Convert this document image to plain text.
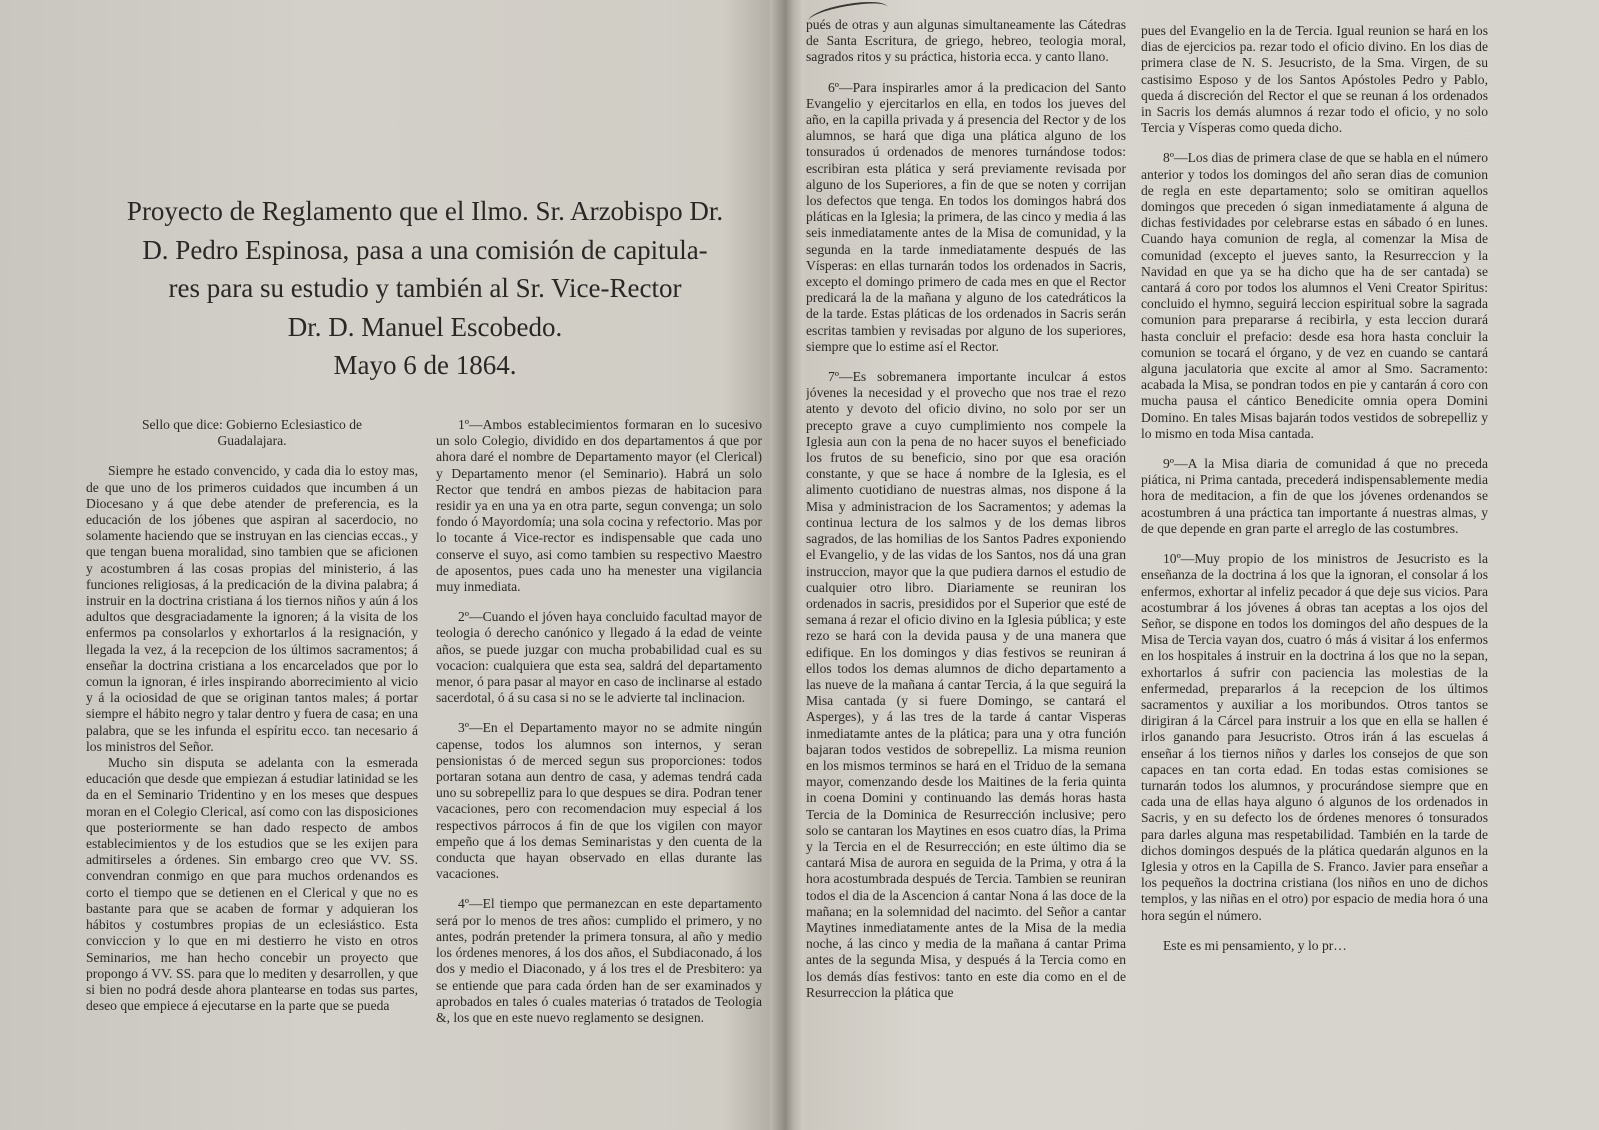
Proyecto de Reglamento que el Ilmo. Sr. Arzobispo Dr.
D. Pedro Espinosa, pasa a una comisión de capitula-
res para su estudio y también al Sr. Vice-Rector
Dr. D. Manuel Escobedo.
Mayo 6 de 1864.

Sello que dice: Gobierno Eclesiastico de Guadalajara.

Siempre he estado convencido, y cada dia lo estoy mas, de que uno de los primeros cuidados que incumben á un Diocesano y á que debe atender de preferencia, es la educación de los jóbenes que aspiran al sacerdocio, no solamente haciendo que se instruyan en las ciencias eccas., y que tengan buena moralidad, sino tambien que se aficionen y acostumbren á las cosas propias del ministerio, á las funciones religiosas, á la predicación de la divina palabra; á instruir en la doctrina cristiana á los tiernos niños y aún á los adultos que desgraciadamente la ignoren; á la visita de los enfermos pa consolarlos y exhortarlos á la resignación, y llegada la vez, á la recepcion de los últimos sacramentos; á enseñar la doctrina cristiana a los encarcelados que por lo comun la ignoran, é irles inspirando aborrecimiento al vicio y á la ociosidad de que se originan tantos males; á portar siempre el hábito negro y talar dentro y fuera de casa; en una palabra, que se les infunda el espíritu ecco. tan necesario á los ministros del Señor.

Mucho sin disputa se adelanta con la esmerada educación que desde que empiezan á estudiar latinidad se les da en el Seminario Tridentino y en los meses que despues moran en el Colegio Clerical, así como con las disposiciones que posteriormente se han dado respecto de ambos establecimientos y de los estudios que se les exijen para admitirseles a órdenes. Sin embargo creo que VV. SS. convendran conmigo en que para muchos ordenandos es corto el tiempo que se detienen en el Clerical y que no es bastante para que se acaben de formar y adquieran los hábitos y costumbres propias de un eclesiástico. Esta conviccion y lo que en mi destierro he visto en otros Seminarios, me han hecho concebir un proyecto que propongo á VV. SS. para que lo mediten y desarrollen, y que si bien no podrá desde ahora plantearse en todas sus partes, deseo que empiece á ejecutarse en la parte que se pueda

1º—Ambos establecimientos formaran en lo sucesivo un solo Colegio, dividido en dos departamentos á que por ahora daré el nombre de Departamento mayor (el Clerical) y Departamento menor (el Seminario). Habrá un solo Rector que tendrá en ambos piezas de habitacion para residir ya en una ya en otra parte, segun convenga; un solo fondo ó Mayordomía; una sola cocina y refectorio. Mas por lo tocante á Vice-rector es indispensable que cada uno conserve el suyo, asi como tambien su respectivo Maestro de aposentos, pues cada uno ha menester una vigilancia muy inmediata.

2º—Cuando el jóven haya concluido facultad mayor de teologia ó derecho canónico y llegado á la edad de veinte años, se puede juzgar con mucha probabilidad cual es su vocacion: cualquiera que esta sea, saldrá del departamento menor, ó para pasar al mayor en caso de inclinarse al estado sacerdotal, ó á su casa si no se le advierte tal inclinacion.

3º—En el Departamento mayor no se admite ningún capense, todos los alumnos son internos, y seran pensionistas ó de merced segun sus proporciones: todos portaran sotana aun dentro de casa, y ademas tendrá cada uno su sobrepelliz para lo que despues se dira. Podran tener vacaciones, pero con recomendacion muy especial á los respectivos párrocos á fin de que los vigilen con mayor empeño que á los demas Seminaristas y den cuenta de la conducta que hayan observado en ellas durante las vacaciones.

4º—El tiempo que permanezcan en este departamento será por lo menos de tres años: cumplido el primero, y no antes, podrán pretender la primera tonsura, al año y medio los órdenes menores, á los dos años, el Subdiaconado, á los dos y medio el Diaconado, y á los tres el de Presbitero: ya se entiende que para cada órden han de ser examinados y aprobados en tales ó cuales materias ó tratados de Teologia &, los que en este nuevo reglamento se designen.

pués de otras y aun algunas simultaneamente las Cátedras de Santa Escritura, de griego, hebreo, teologia moral, sagrados ritos y su práctica, historia ecca. y canto llano.

6º—Para inspirarles amor á la predicacion del Santo Evangelio y ejercitarlos en ella, en todos los jueves del año, en la capilla privada y á presencia del Rector y de los alumnos, se hará que diga una plática alguno de los tonsurados ú ordenados de menores turnándose todos: escribiran esta plática y será previamente revisada por alguno de los Superiores, a fin de que se noten y corrijan los defectos que tenga. En todos los domingos habrá dos pláticas en la Iglesia; la primera, de las cinco y media á las seis inmediatamente antes de la Misa de comunidad, y la segunda en la tarde inmediatamente después de las Vísperas: en ellas turnarán todos los ordenados in Sacris, excepto el domingo primero de cada mes en que el Rector predicará la de la mañana y alguno de los catedráticos la de la tarde. Estas pláticas de los ordenados in Sacris serán escritas tambien y revisadas por alguno de los superiores, siempre que lo estime así el Rector.

7º—Es sobremanera importante inculcar á estos jóvenes la necesidad y el provecho que nos trae el rezo atento y devoto del oficio divino, no solo por ser un precepto grave a cuyo cumplimiento nos compele la Iglesia aun con la pena de no hacer suyos el beneficiado los frutos de su beneficio, sino por que esa oración constante, y que se hace á nombre de la Iglesia, es el alimento cuotidiano de nuestras almas, nos dispone á la Misa y administracion de los Sacramentos; y ademas la continua lectura de los salmos y de los demas libros sagrados, de las homilias de los Santos Padres exponiendo el Evangelio, y de las vidas de los Santos, nos dá una gran instruccion, mayor que la que pudiera darnos el estudio de cualquier otro libro. Diariamente se reuniran los ordenados in sacris, presididos por el Superior que esté de semana á rezar el oficio divino en la Iglesia pública; y este rezo se hará con la devida pausa y de una manera que edifique. En los domingos y dias festivos se reuniran á ellos todos los demas alumnos de dicho departamento a las nueve de la mañana á cantar Tercia, á la que seguirá la Misa cantada (y si fuere Domingo, se cantará el Asperges), y á las tres de la tarde á cantar Visperas inmediatamte antes de la plática; para una y otra función bajaran todos vestidos de sobrepelliz. La misma reunion en los mismos terminos se hará en el Triduo de la semana mayor, comenzando desde los Maitines de la feria quinta in coena Domini y continuando las demás horas hasta Tercia de la Dominica de Resurrección inclusive; pero solo se cantaran los Maytines en esos cuatro días, la Prima y la Tercia en el de Resurrección; en este último dia se cantará Misa de aurora en seguida de la Prima, y otra á la hora acostumbrada después de Tercia. Tambien se reuniran todos el dia de la Ascencion á cantar Nona á las doce de la mañana; en la solemnidad del nacimto. del Señor a cantar Maytines inmediatamente antes de la Misa de la media noche, á las cinco y media de la mañana á cantar Prima antes de la segunda Misa, y después á la Tercia como en los demás días festivos: tanto en este dia como en el de Resurreccion la plática que

pues del Evangelio en la de Tercia. Igual reunion se hará en los dias de ejercicios pa. rezar todo el oficio divino. En los dias de primera clase de N. S. Jesucristo, de la Sma. Virgen, de su castisimo Esposo y de los Santos Apóstoles Pedro y Pablo, queda á discreción del Rector el que se reunan á los ordenados in Sacris los demás alumnos á rezar todo el oficio, y no solo Tercia y Vísperas como queda dicho.

8º—Los dias de primera clase de que se habla en el número anterior y todos los domingos del año seran dias de comunion de regla en este departamento; solo se omitiran aquellos domingos que preceden ó sigan inmediatamente á alguna de dichas festividades por celebrarse estas en sábado ó en lunes. Cuando haya comunion de regla, al comenzar la Misa de comunidad (excepto el jueves santo, la Resurreccion y la Navidad en que ya se ha dicho que ha de ser cantada) se cantará á coro por todos los alumnos el Veni Creator Spiritus: concluido el hymno, seguirá leccion espiritual sobre la sagrada comunion para prepararse á recibirla, y esta leccion durará hasta concluir el prefacio: desde esa hora hasta concluir la comunion se tocará el órgano, y de vez en cuando se cantará alguna jaculatoria que excite al amor al Smo. Sacramento: acabada la Misa, se pondran todos en pie y cantarán á coro con mucha pausa el cántico Benedicite omnia opera Domini Domino. En tales Misas bajarán todos vestidos de sobrepelliz y lo mismo en toda Misa cantada.

9º—A la Misa diaria de comunidad á que no preceda piática, ni Prima cantada, precederá indispensablemente media hora de meditacion, a fin de que los jóvenes ordenandos se acostumbren á una práctica tan importante á nuestras almas, y de que depende en gran parte el arreglo de las costumbres.

10º—Muy propio de los ministros de Jesucristo es la enseñanza de la doctrina á los que la ignoran, el consolar á los enfermos, exhortar al infeliz pecador á que deje sus vicios. Para acostumbrar á los jóvenes á obras tan aceptas a los ojos del Señor, se dispone en todos los domingos del año despues de la Misa de Tercia vayan dos, cuatro ó más á visitar á los enfermos en los hospitales á instruir en la doctrina á los que no la sepan, exhortarlos á sufrir con paciencia las molestias de la enfermedad, prepararlos á la recepcion de los últimos sacramentos y auxiliar a los moribundos. Otros tantos se dirigiran á la Cárcel para instruir a los que en ella se hallen é irlos ganando para Jesucristo. Otros irán á las escuelas á enseñar á los tiernos niños y darles los consejos de que son capaces en tan corta edad. En todas estas comisiones se turnarán todos los alumnos, y procurándose siempre que en cada una de ellas haya alguno ó algunos de los ordenados in Sacris, y en su defecto los de órdenes menores ó tonsurados para darles alguna mas respetabilidad. También en la tarde de dichos domingos después de la plática quedarán algunos en la Iglesia y otros en la Capilla de S. Franco. Javier para enseñar a los pequeños la doctrina cristiana (los niños en uno de dichos templos, y las niñas en el otro) por espacio de media hora ó una hora según el número.

Este es mi pensamiento, y lo pr…
